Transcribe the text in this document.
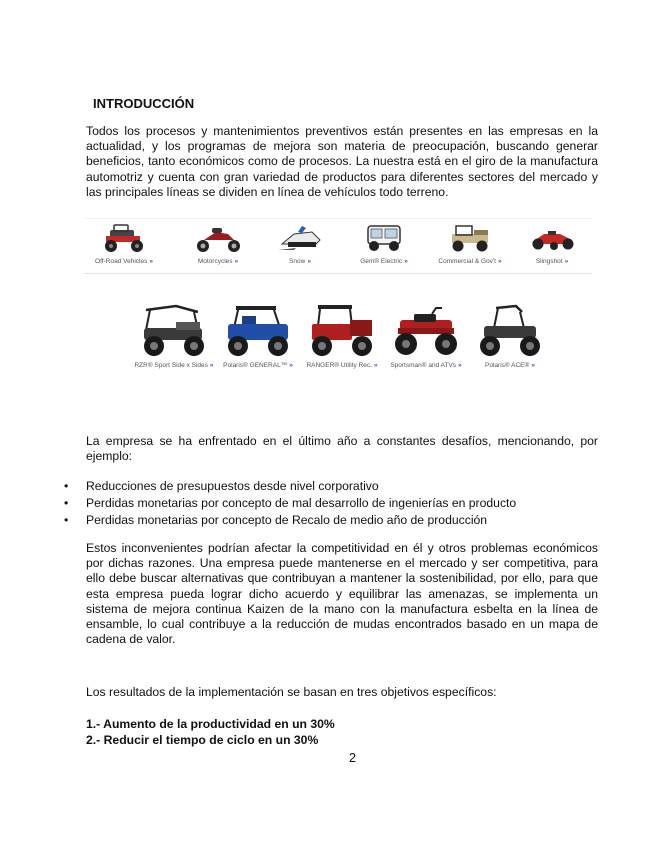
INTRODUCCIÓN
Todos los procesos y mantenimientos preventivos están presentes en las empresas en la actualidad, y los programas de mejora son materia de preocupación, buscando generar beneficios, tanto económicos como de procesos. La nuestra está en el giro de la manufactura automotriz y cuenta con gran variedad de productos para diferentes sectores del mercado y las principales líneas se dividen en línea de vehículos todo terreno.
Off-Road Vehicles »	Motorcycles »	Snow »	Gem® Electric »	Commercial & Gov't »	Slingshot »
RZR® Sport Side x Sides »	Polaris® GENERAL™ »	RANGER® Utility Rec. »	Sportsman® and ATVs »	Polaris® ACE® »
La empresa se ha enfrentado en el último año a constantes desafíos, mencionando, por ejemplo:
• Reducciones de presupuestos desde nivel corporativo
• Perdidas monetarias por concepto de mal desarrollo de ingenierías en producto
• Perdidas monetarias por concepto de Recalo de medio año de producción
Estos inconvenientes podrían afectar la competitividad en él y otros problemas económicos por dichas razones. Una empresa puede mantenerse en el mercado y ser competitiva, para ello debe buscar alternativas que contribuyan a mantener la sostenibilidad, por ello, para que esta empresa pueda lograr dicho acuerdo y equilibrar las amenazas, se implementa un sistema de mejora continua Kaizen de la mano con la manufactura esbelta en la línea de ensamble, lo cual contribuye a la reducción de mudas encontrados basado en un mapa de cadena de valor.
Los resultados de la implementación se basan en tres objetivos específicos:
1.- Aumento de la productividad en un 30%
2.- Reducir el tiempo de ciclo en un 30%
2
